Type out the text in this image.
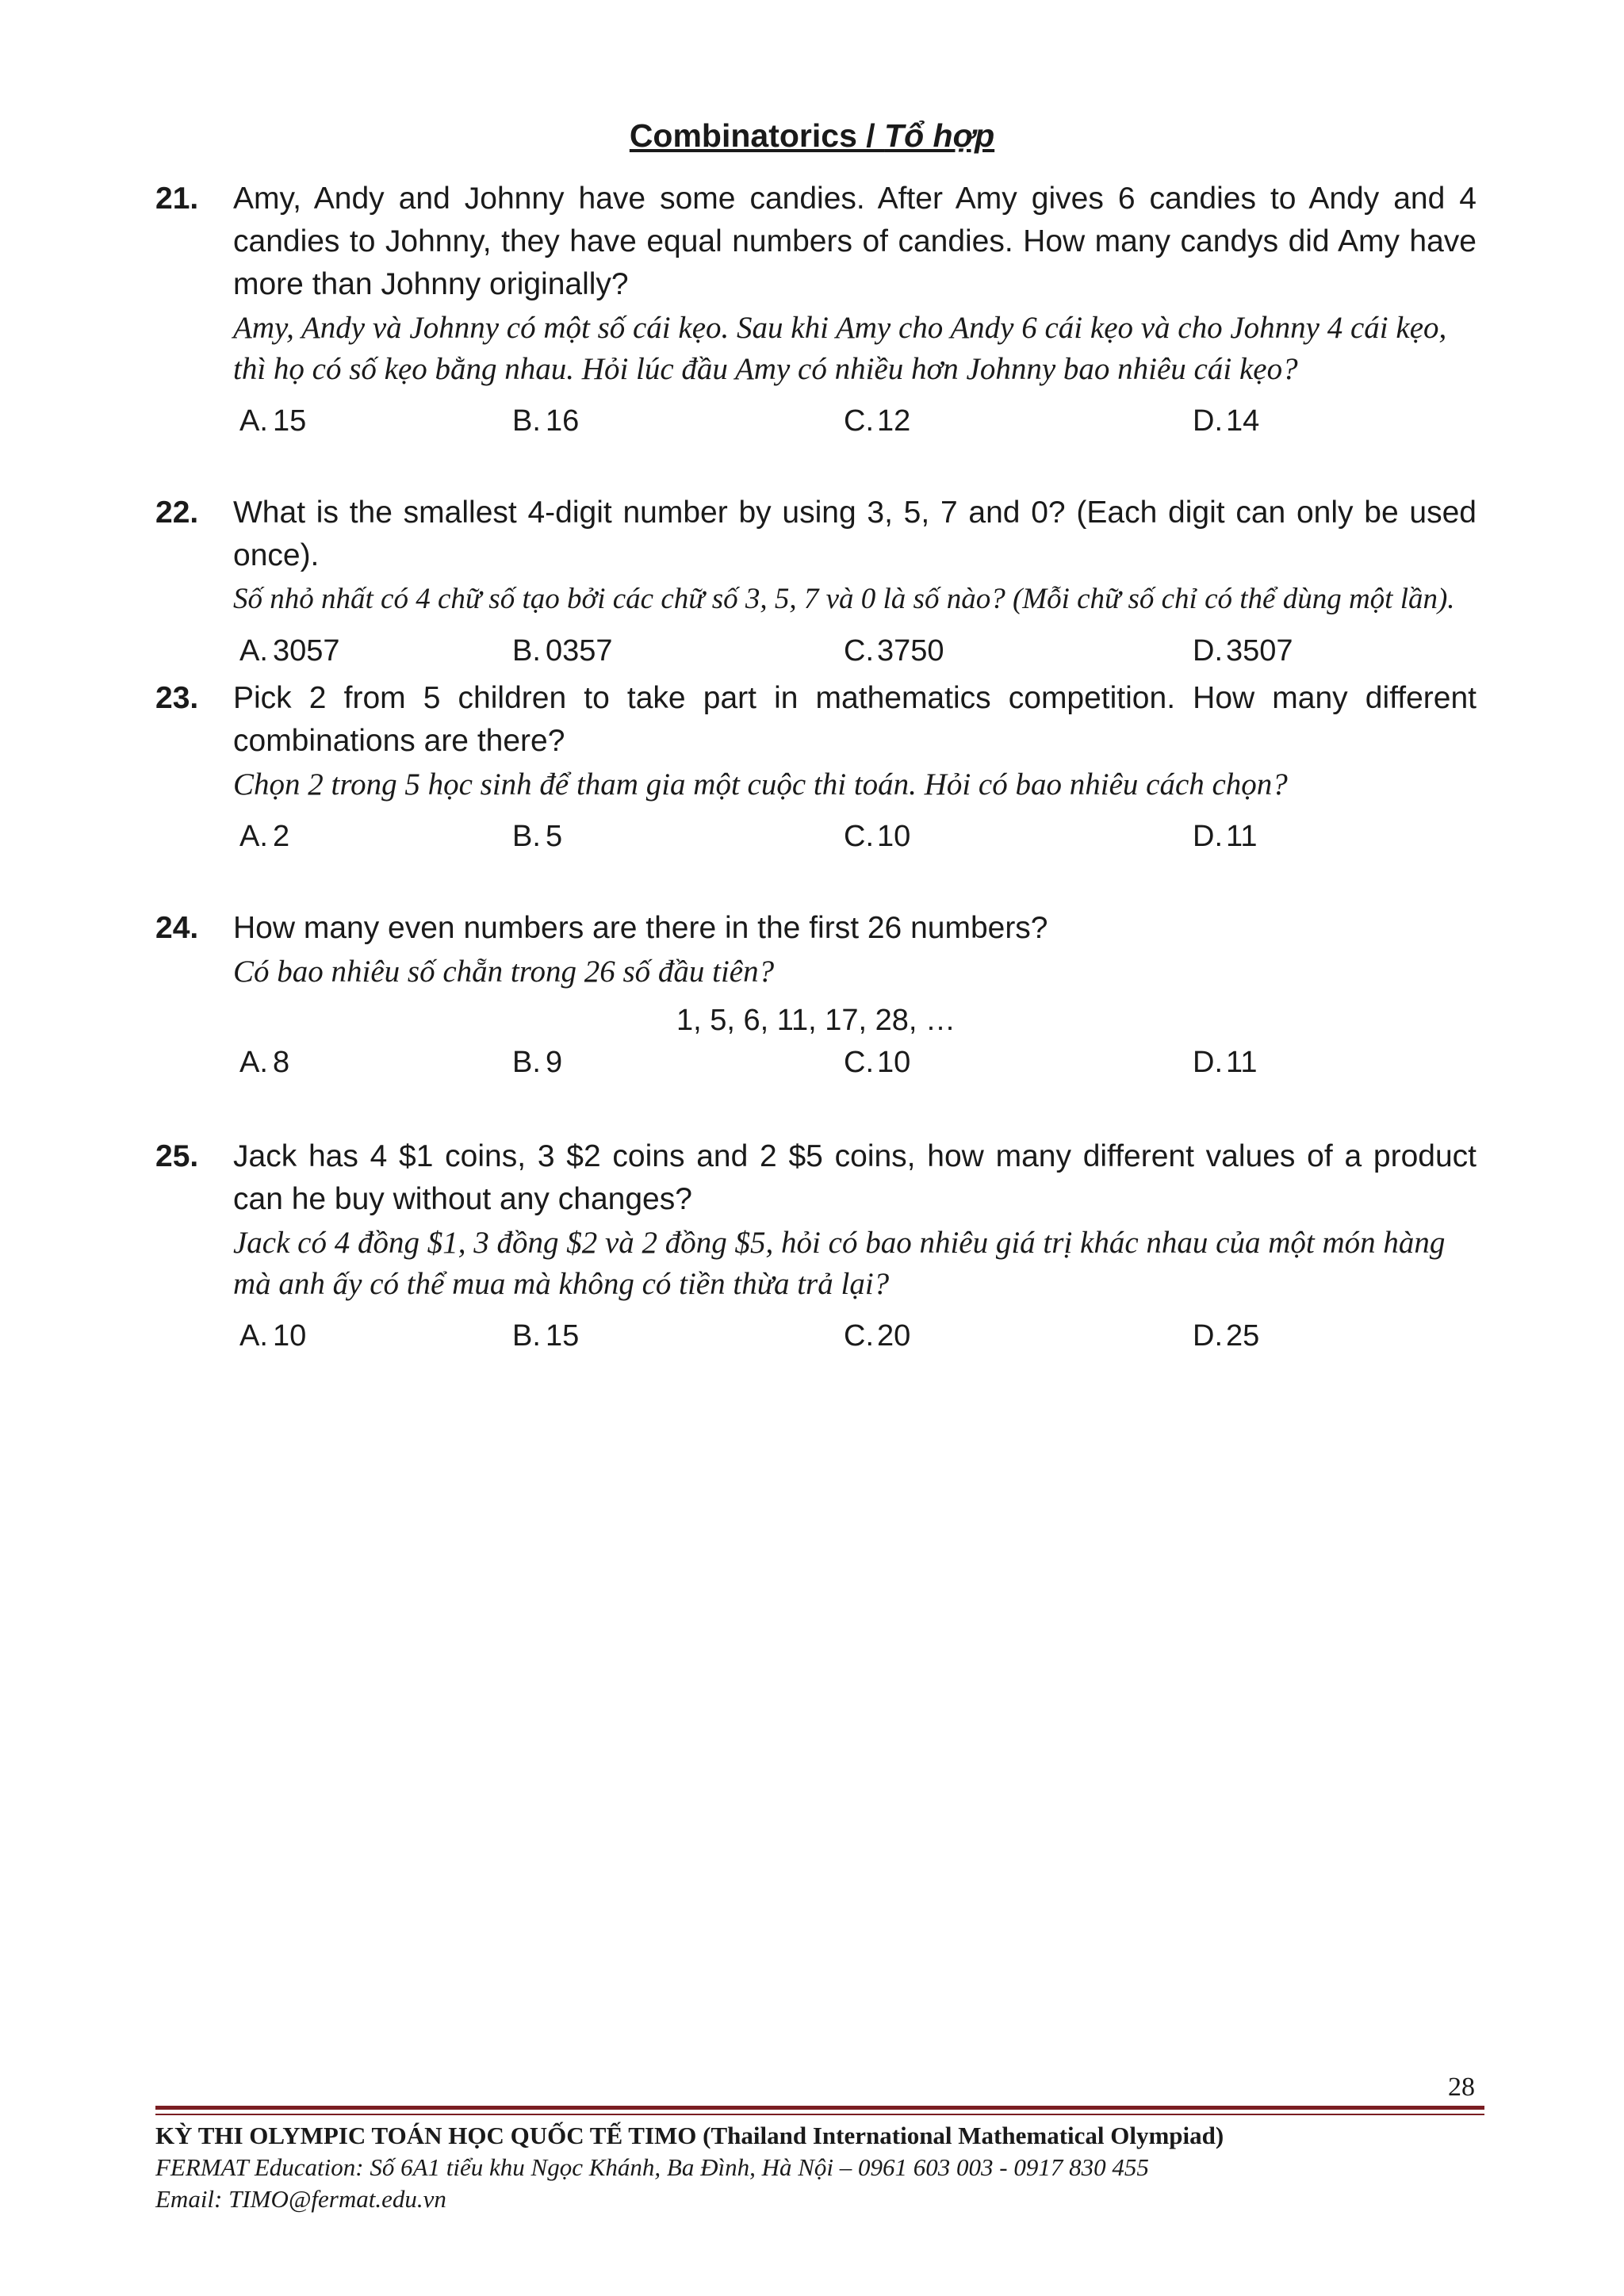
Combinatorics / Tổ hợp
21. Amy, Andy and Johnny have some candies. After Amy gives 6 candies to Andy and 4 candies to Johnny, they have equal numbers of candies. How many candys did Amy have more than Johnny originally?
Amy, Andy và Johnny có một số cái kẹo. Sau khi Amy cho Andy 6 cái kẹo và cho Johnny 4 cái kẹo, thì họ có số kẹo bằng nhau. Hỏi lúc đầu Amy có nhiều hơn Johnny bao nhiêu cái kẹo?
A. 15	B. 16	C. 12	D. 14
22. What is the smallest 4-digit number by using 3, 5, 7 and 0? (Each digit can only be used once).
Số nhỏ nhất có 4 chữ số tạo bởi các chữ số 3, 5, 7 và 0 là số nào? (Mỗi chữ số chỉ có thể dùng một lần).
A. 3057	B. 0357	C. 3750	D. 3507
23. Pick 2 from 5 children to take part in mathematics competition. How many different combinations are there?
Chọn 2 trong 5 học sinh để tham gia một cuộc thi toán. Hỏi có bao nhiêu cách chọn?
A. 2	B. 5	C. 10	D. 11
24. How many even numbers are there in the first 26 numbers?
Có bao nhiêu số chẵn trong 26 số đầu tiên?
1, 5, 6, 11, 17, 28, …
A. 8	B. 9	C. 10	D. 11
25. Jack has 4 $1 coins, 3 $2 coins and 2 $5 coins, how many different values of a product can he buy without any changes?
Jack có 4 đồng $1, 3 đồng $2 và 2 đồng $5, hỏi có bao nhiêu giá trị khác nhau của một món hàng mà anh ấy có thể mua mà không có tiền thừa trả lại?
A. 10	B. 15	C. 20	D. 25
28
KỲ THI OLYMPIC TOÁN HỌC QUỐC TẾ TIMO (Thailand International Mathematical Olympiad)
FERMAT Education: Số 6A1 tiểu khu Ngọc Khánh, Ba Đình, Hà Nội – 0961 603 003 - 0917 830 455
Email: TIMO@fermat.edu.vn
